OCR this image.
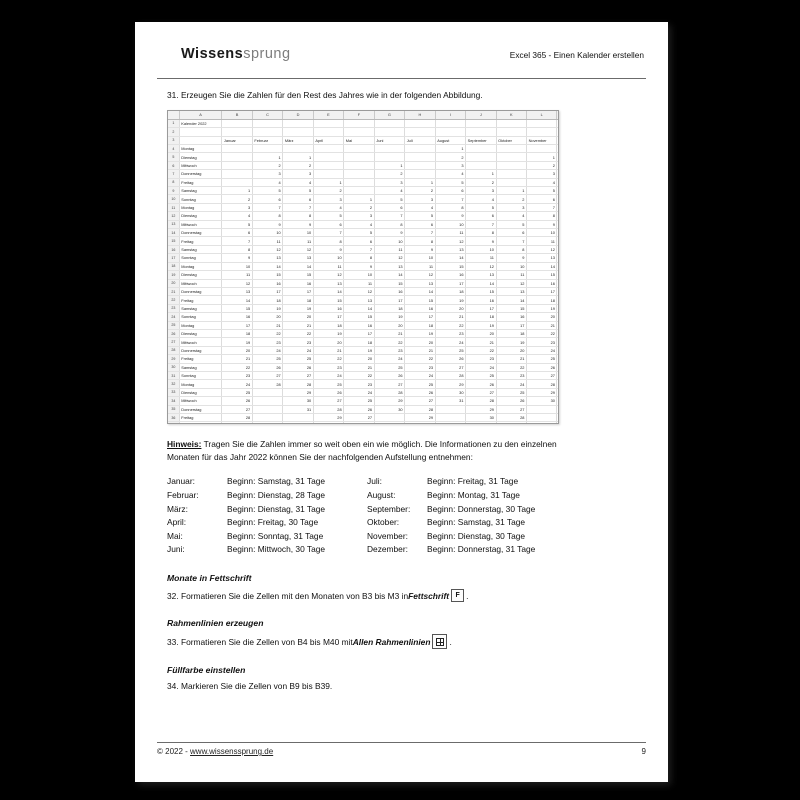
Wissenssprung	Excel 365 - Einen Kalender erstellen
31. Erzeugen Sie die Zahlen für den Rest des Jahres wie in der folgenden Abbildung.
	A	B	C	D	E	F	G	H	I	J	K	L	
1	Kalender 2022												
2													
3		Januar	Februar	März	April	Mai	Juni	Juli	August	September	Oktober	November	
4	Montag								1				
5	Dienstag		1	1					2			1	
6	Mittwoch		2	2			1		3			2	
7	Donnerstag		3	3			2		4	1		3	
8	Freitag		4	4	1		3	1	5	2		4	
9	Samstag	1	5	5	2		4	2	6	3	1	5	
10	Sonntag	2	6	6	3	1	5	3	7	4	2	6	
11	Montag	3	7	7	4	2	6	4	8	5	3	7	
12	Dienstag	4	8	8	5	3	7	5	9	6	4	8	
13	Mittwoch	5	9	9	6	4	8	6	10	7	5	9	
14	Donnerstag	6	10	10	7	5	9	7	11	8	6	10	
15	Freitag	7	11	11	8	6	10	8	12	9	7	11	
16	Samstag	8	12	12	9	7	11	9	13	10	8	12	
17	Sonntag	9	13	13	10	8	12	10	14	11	9	13	
18	Montag	10	14	14	11	9	13	11	15	12	10	14	
19	Dienstag	11	15	15	12	10	14	12	16	13	11	15	
20	Mittwoch	12	16	16	13	11	15	13	17	14	12	16	
21	Donnerstag	13	17	17	14	12	16	14	18	15	13	17	
22	Freitag	14	18	18	15	13	17	15	19	16	14	18	
23	Samstag	15	19	19	16	14	18	16	20	17	15	19	
24	Sonntag	16	20	20	17	15	19	17	21	18	16	20	
25	Montag	17	21	21	18	16	20	18	22	19	17	21	
26	Dienstag	18	22	22	19	17	21	19	23	20	18	22	
27	Mittwoch	19	23	23	20	18	22	20	24	21	19	23	
28	Donnerstag	20	24	24	21	19	23	21	25	22	20	24	
29	Freitag	21	25	25	22	20	24	22	26	23	21	25	
30	Samstag	22	26	26	23	21	25	23	27	24	22	26	
31	Sonntag	23	27	27	24	22	26	24	28	25	23	27	
32	Montag	24	28	28	25	23	27	25	29	26	24	28	
33	Dienstag	25		29	26	24	28	26	30	27	25	29	
34	Mittwoch	26		30	27	25	29	27	31	28	26	30	
35	Donnerstag	27		31	28	26	30	28		29	27		
36	Freitag	28			29	27		29		30	28		

Hinweis: Tragen Sie die Zahlen immer so weit oben ein wie möglich. Die Informationen zu den einzelnen Monaten für das Jahr 2022 können Sie der nachfolgenden Aufstellung entnehmen:
Januar:	Beginn: Samstag, 31 Tage
Februar:	Beginn: Dienstag, 28 Tage
März:	Beginn: Dienstag, 31 Tage
April:	Beginn: Freitag, 30 Tage
Mai:	Beginn: Sonntag, 31 Tage
Juni:	Beginn: Mittwoch, 30 Tage
Juli:	Beginn: Freitag, 31 Tage
August:	Beginn: Montag, 31 Tage
September:	Beginn: Donnerstag, 30 Tage
Oktober:	Beginn: Samstag, 31 Tage
November:	Beginn: Dienstag, 30 Tage
Dezember:	Beginn: Donnerstag, 31 Tage
Monate in Fettschrift
32. Formatieren Sie die Zellen mit den Monaten von B3 bis M3 in Fettschrift F .
Rahmenlinien erzeugen
33. Formatieren Sie die Zellen von B4 bis M40 mit Allen Rahmenlinien .
Füllfarbe einstellen
34. Markieren Sie die Zellen von B9 bis B39.
© 2022 - www.wissenssprung.de	9
